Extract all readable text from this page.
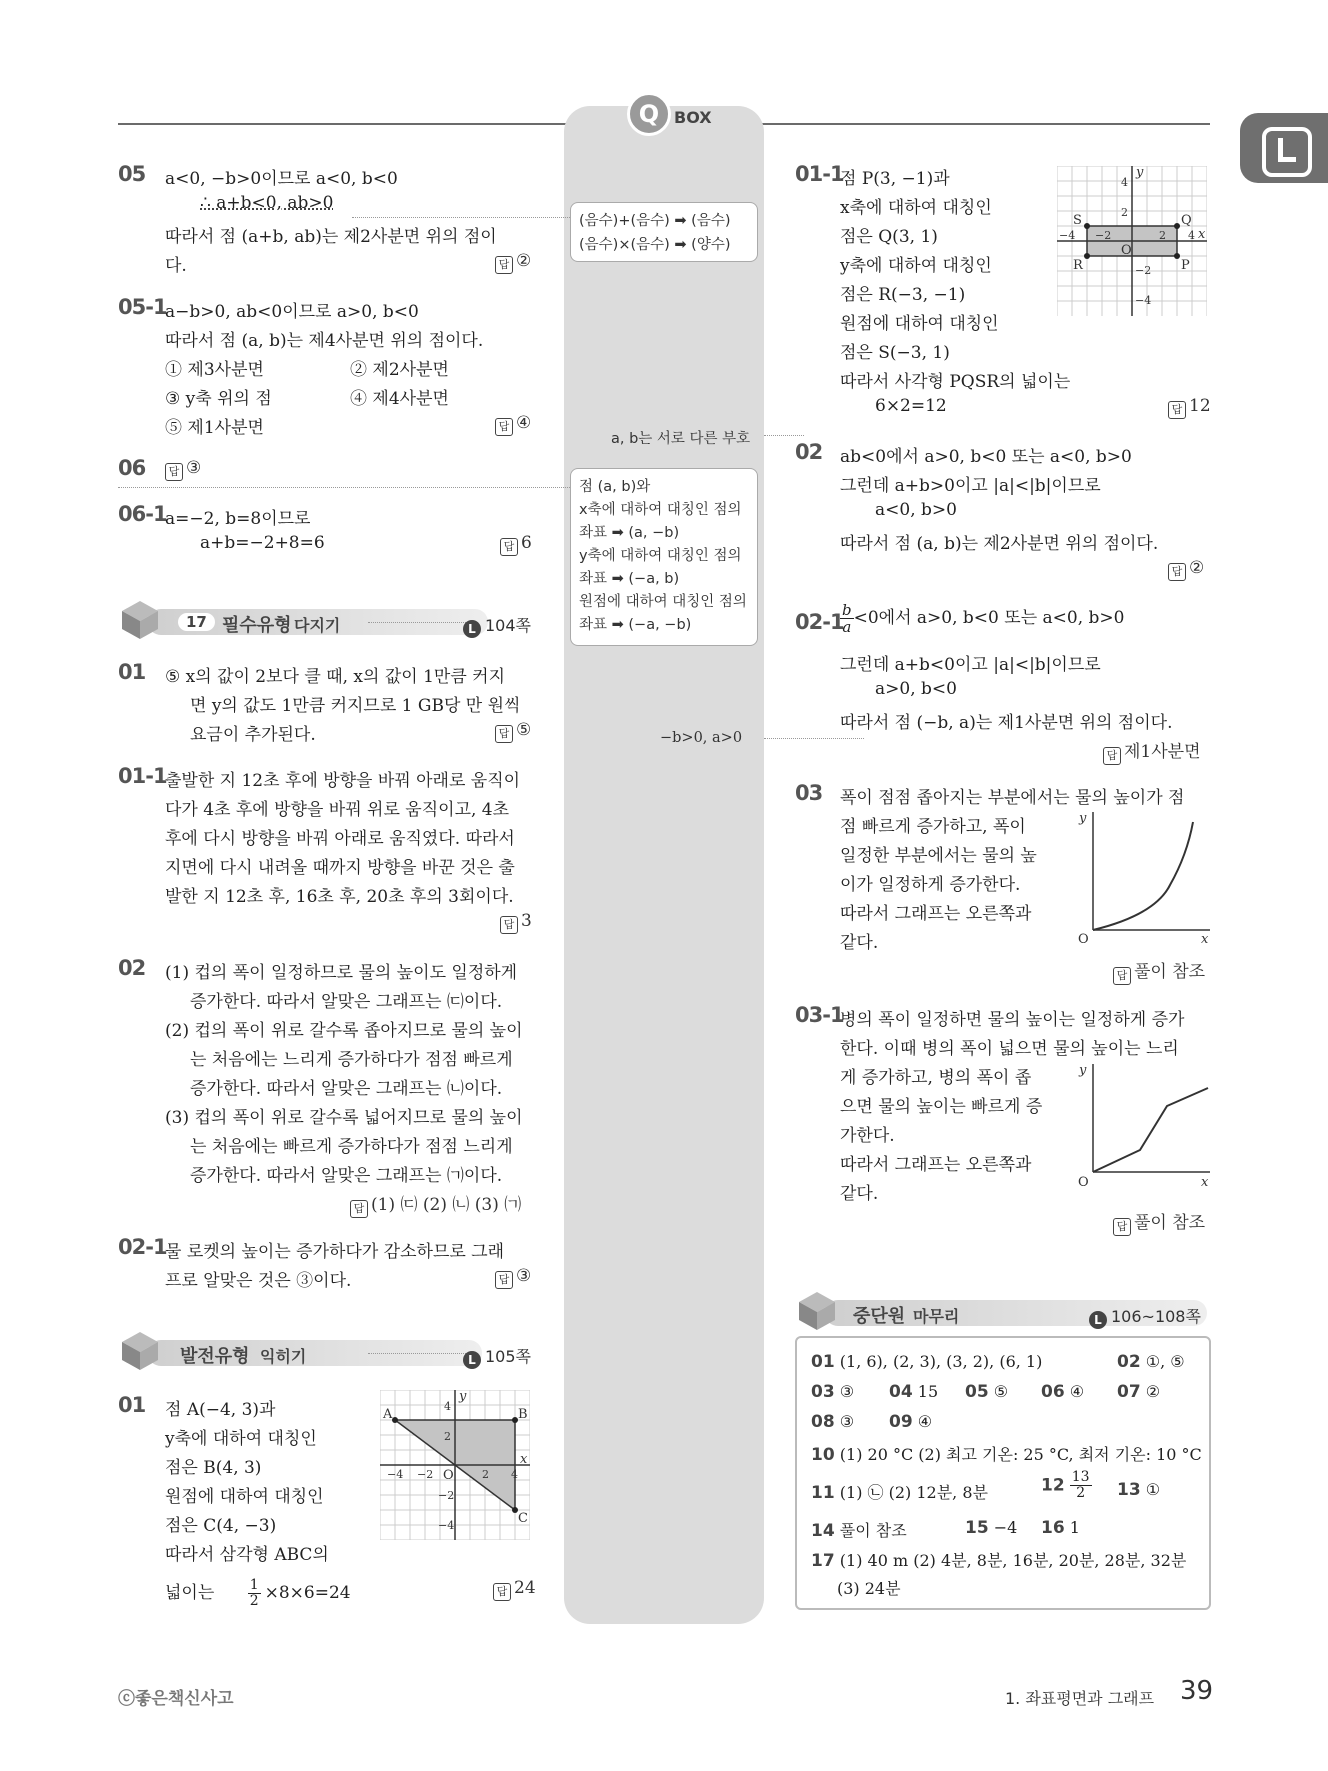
Q BOX
05 a<0, −b>0이므로 a<0, b<0
∴ a+b<0, ab>0
따라서 점 (a+b, ab)는 제2사분면 위의 점이
다.	답 ②
05-1
a−b>0, ab<0이므로 a>0, b<0
따라서 점 (a, b)는 제4사분면 위의 점이다.
① 제3사분면	② 제2사분면
③ y축 위의 점	④ 제4사분면
⑤ 제1사분면	답 ④
06	답 ③
06-1
a=−2, b=8이므로
a+b=−2+8=6	답 6
17 필수유형 다지기	L 104쪽
01 ⑤ x의 값이 2보다 클 때, x의 값이 1만큼 커지
면 y의 값도 1만큼 커지므로 1 GB당 만 원씩
요금이 추가된다.	답 ⑤
01-1
출발한 지 12초 후에 방향을 바꿔 아래로 움직이
다가 4초 후에 방향을 바꿔 위로 움직이고, 4초
후에 다시 방향을 바꿔 아래로 움직였다. 따라서
지면에 다시 내려올 때까지 방향을 바꾼 것은 출
발한 지 12초 후, 16초 후, 20초 후의 3회이다.
답 3
02 (1) 컵의 폭이 일정하므로 물의 높이도 일정하게
증가한다. 따라서 알맞은 그래프는 ㈂이다.
(2) 컵의 폭이 위로 갈수록 좁아지므로 물의 높이
는 처음에는 느리게 증가하다가 점점 빠르게
증가한다. 따라서 알맞은 그래프는 ㈁이다.
(3) 컵의 폭이 위로 갈수록 넓어지므로 물의 높이
는 처음에는 빠르게 증가하다가 점점 느리게
증가한다. 따라서 알맞은 그래프는 ㈀이다.
답 (1) ㈂ (2) ㈁ (3) ㈀
02-1
물 로켓의 높이는 증가하다가 감소하므로 그래
프로 알맞은 것은 ③이다.	답 ③
발전유형 익히기	L 105쪽
01 점 A(−4, 3)과
y축에 대하여 대칭인
점은 B(4, 3)
원점에 대하여 대칭인
점은 C(4, −3)
따라서 삼각형 ABC의
넓이는 $\frac{1}{2} \times 8\times 6=24$	답 24
A	B
C
O
x
y
4
2
−2
−4
2 4
−2
−4
(음수)+(음수) ➡ (음수)
(음수)×(음수) ➡ (양수)
a, b는 서로 다른 부호
점 (a, b)와
x축에 대하여 대칭인 점의
좌표 ➡ (a, −b)
y축에 대하여 대칭인 점의
좌표 ➡ (−a, b)
원점에 대하여 대칭인 점의
좌표 ➡ (−a, −b)
−b>0, a>0
01-1
점 P(3, −1)과
x축에 대하여 대칭인
점은 Q(3, 1)
y축에 대하여 대칭인
점은 R(−3, −1)
원점에 대하여 대칭인
점은 S(−3, 1)
따라서 사각형 PQSR의 넓이는
6×2=12	답 12
S	Q
R	P
O
x
y
4
2
−2
−4
2 4
−2
−4
02 ab<0에서 a>0, b<0 또는 a<0, b>0
그런데 a+b>0이고 |a|<|b|이므로
a<0, b>0
따라서 점 (a, b)는 제2사분면 위의 점이다.
답 ②
02-1
$\frac{b}{a} <0$에서 a>0, b<0 또는 a<0, b>0
그런데 a+b<0이고 |a|<|b|이므로
a>0, b<0
따라서 점 (−b, a)는 제1사분면 위의 점이다.
답 제1사분면
03 폭이 점점 좁아지는 부분에서는 물의 높이가 점
점 빠르게 증가하고, 폭이
일정한 부분에서는 물의 높
이가 일정하게 증가한다.
따라서 그래프는 오른쪽과
같다.
답 풀이 참조
O	x
y
03-1
병의 폭이 일정하면 물의 높이는 일정하게 증가
한다. 이때 병의 폭이 넓으면 물의 높이는 느리
게 증가하고, 병의 폭이 좁
으면 물의 높이는 빠르게 증
가한다.
따라서 그래프는 오른쪽과
같다.
답 풀이 참조
O	x
y
중단원 마무리	L 106~108쪽
01 (1, 6), (2, 3), (3, 2), (6, 1)	02 ①, ⑤
03 ③ 04 15 05 ⑤ 06 ④ 07 ②
08 ③ 09 ④
10 (1) 20 °C (2) 최고 기온: 25 °C, 최저 기온: 10 °C
11 (1) ㉡ (2) 12분, 8분	$12 \frac{13}{2} 13$ ①
14 풀이 참조	15 −4 16 1
17 (1) 40 m (2) 4분, 8분, 16분, 20분, 28분, 32분
(3) 24분
ⓒ좋은책신사고	1. 좌표평면과 그래프 39
